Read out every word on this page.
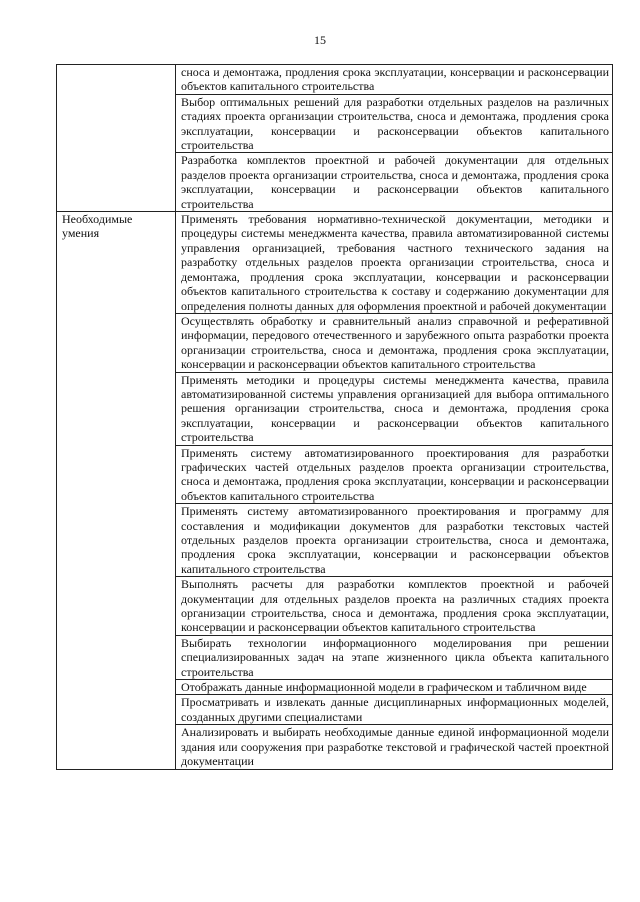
15
	сноса и демонтажа, продления срока эксплуатации, консервации и расконсервации объектов капитального строительства
	Выбор оптимальных решений для разработки отдельных разделов на различных стадиях проекта организации строительства, сноса и демонтажа, продления срока эксплуатации, консервации и расконсервации объектов капитального строительства
	Разработка комплектов проектной и рабочей документации для отдельных разделов проекта организации строительства, сноса и демонтажа, продления срока эксплуатации, консервации и расконсервации объектов капитального строительства
Необходимые умения	Применять требования нормативно-технической документации, методики и процедуры системы менеджмента качества, правила автоматизированной системы управления организацией, требования частного технического задания на разработку отдельных разделов проекта организации строительства, сноса и демонтажа, продления срока эксплуатации, консервации и расконсервации объектов капитального строительства к составу и содержанию документации для определения полноты данных для оформления проектной и рабочей документации
	Осуществлять обработку и сравнительный анализ справочной и реферативной информации, передового отечественного и зарубежного опыта разработки проекта организации строительства, сноса и демонтажа, продления срока эксплуатации, консервации и расконсервации объектов капитального строительства
	Применять методики и процедуры системы менеджмента качества, правила автоматизированной системы управления организацией для выбора оптимального решения организации строительства, сноса и демонтажа, продления срока эксплуатации, консервации и расконсервации объектов капитального строительства
	Применять систему автоматизированного проектирования для разработки графических частей отдельных разделов проекта организации строительства, сноса и демонтажа, продления срока эксплуатации, консервации и расконсервации объектов капитального строительства
	Применять систему автоматизированного проектирования и программу для составления и модификации документов для разработки текстовых частей отдельных разделов проекта организации строительства, сноса и демонтажа, продления срока эксплуатации, консервации и расконсервации объектов капитального строительства
	Выполнять расчеты для разработки комплектов проектной и рабочей документации для отдельных разделов проекта на различных стадиях проекта организации строительства, сноса и демонтажа, продления срока эксплуатации, консервации и расконсервации объектов капитального строительства
	Выбирать технологии информационного моделирования при решении специализированных задач на этапе жизненного цикла объекта капитального строительства
	Отображать данные информационной модели в графическом и табличном виде
	Просматривать и извлекать данные дисциплинарных информационных моделей, созданных другими специалистами
	Анализировать и выбирать необходимые данные единой информационной модели здания или сооружения при разработке текстовой и графической частей проектной документации
